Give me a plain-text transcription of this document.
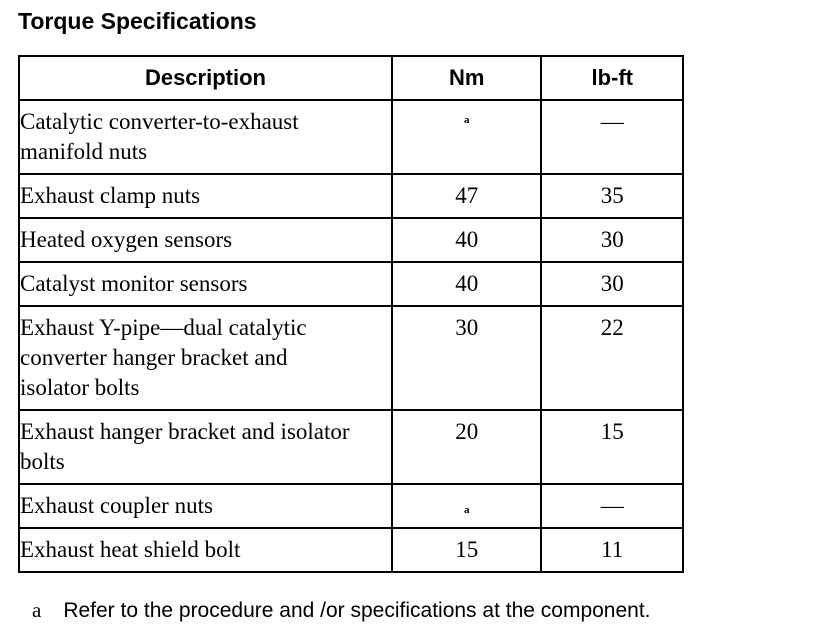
Torque Specifications
Description	Nm	lb-ft
Catalytic converter-to-exhaust manifold nuts	$^a$	—
Exhaust clamp nuts	47	35
Heated oxygen sensors	40	30
Catalyst monitor sensors	40	30
Exhaust Y-pipe—dual catalytic converter hanger bracket and isolator bolts	30	22
Exhaust hanger bracket and isolator bolts	20	15
Exhaust coupler nuts	$^a$	—
Exhaust heat shield bolt	15	11
a Refer to the procedure and /or specifications at the component.
